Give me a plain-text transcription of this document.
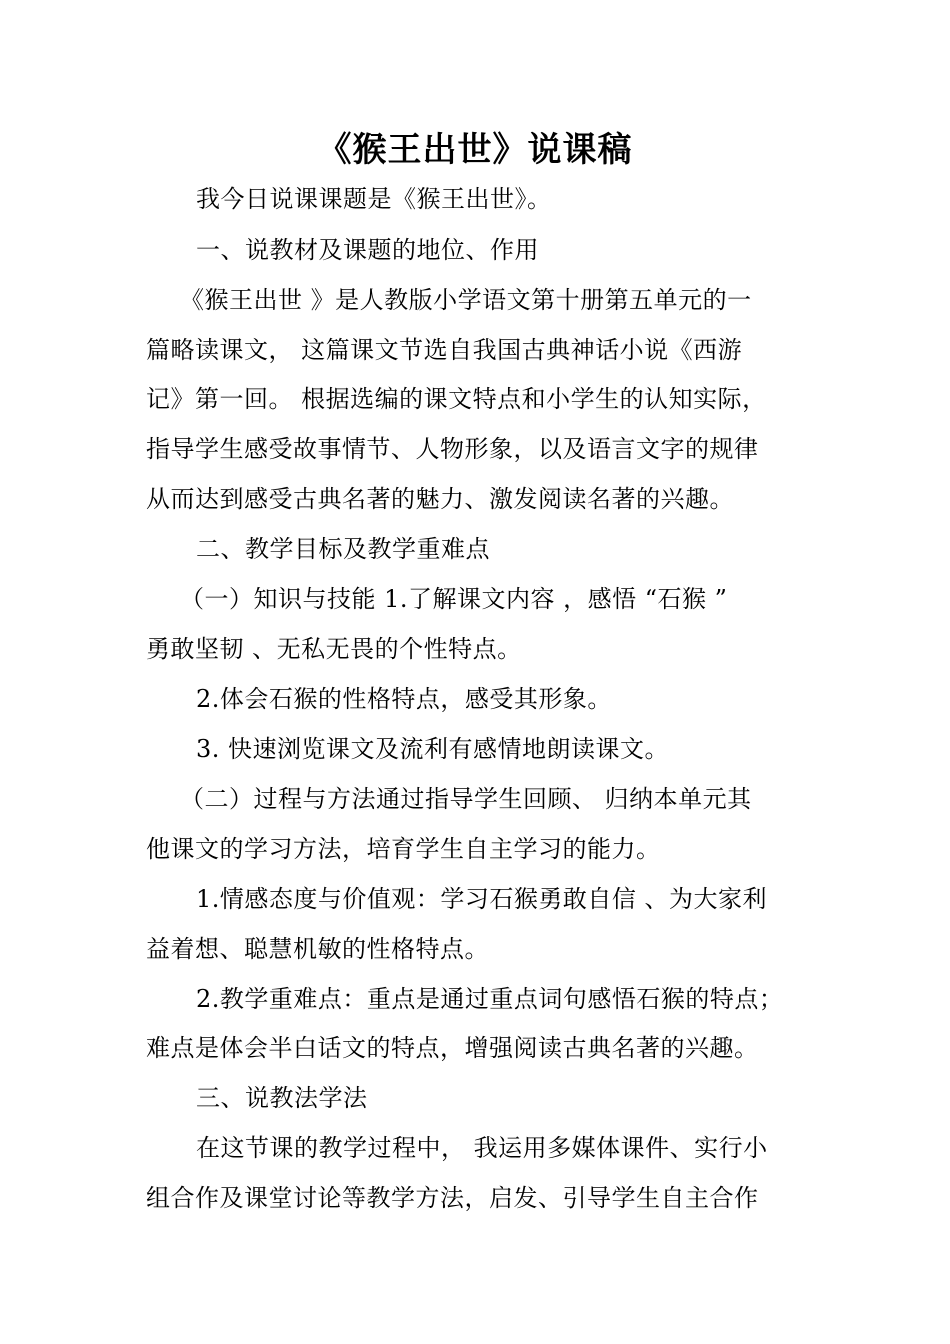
《猴王出世》说课稿
我今日说课课题是《猴王出世》。
一、说教材及课题的地位、作用
《猴王出世 》是人教版小学语文第十册第五单元的一
篇略读课文， 这篇课文节选自我国古典神话小说《西游
记》第一回。 根据选编的课文特点和小学生的认知实际，
指导学生感受故事情节、人物形象，以及语言文字的规律
从而达到感受古典名著的魅力、激发阅读名著的兴趣。
二、教学目标及教学重难点
（一）知识与技能 1.了解课文内容 ，感悟 “石猴 ”
勇敢坚韧 、无私无畏的个性特点。
2.体会石猴的性格特点，感受其形象。
3. 快速浏览课文及流利有感情地朗读课文。
（二）过程与方法通过指导学生回顾、 归纳本单元其
他课文的学习方法，培育学生自主学习的能力。
1.情感态度与价值观：学习石猴勇敢自信 、为大家利
益着想、聪慧机敏的性格特点。
2.教学重难点：重点是通过重点词句感悟石猴的特点；
难点是体会半白话文的特点，增强阅读古典名著的兴趣。
三、说教法学法
在这节课的教学过程中， 我运用多媒体课件、实行小
组合作及课堂讨论等教学方法，启发、引导学生自主合作
